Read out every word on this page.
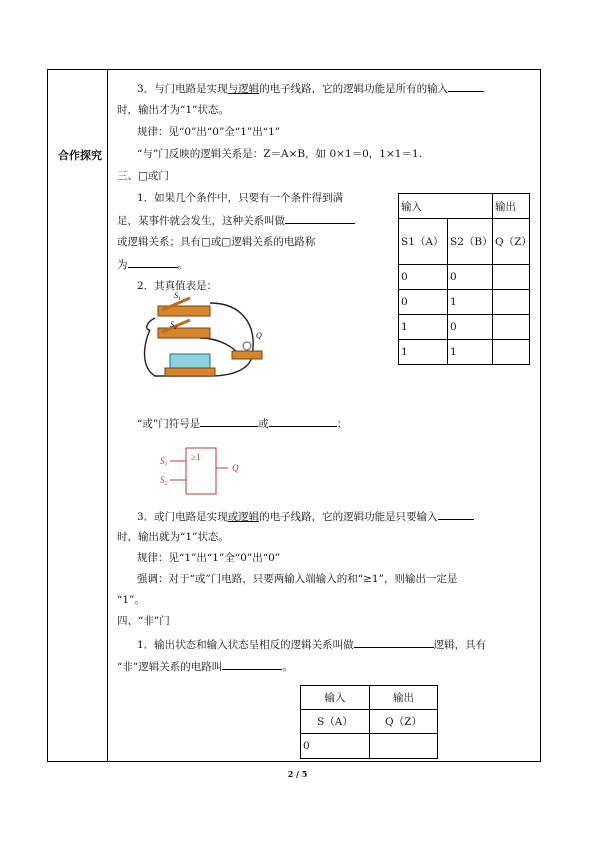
合作探究
3．与门电路是实现与逻辑的电子线路，它的逻辑功能是所有的输入
时，输出才为“1”状态。
规律：见“0”出“0”全“1”出“1”
“与”门反映的逻辑关系是：Z＝A×B，如 0×1＝0，1×1＝1.
三、□或门
1．如果几个条件中，只要有一个条件得到满
足，某事件就会发生，这种关系叫做
或逻辑关系；具有□或□逻辑关系的电路称
为	。
2．其真值表是：
输入		输出
S1（A）	S2（B）	Q（Z）
0	0	
0	1	
1	0	
1	1	
$S_1$
$S_2$
Q
“或”门符号是	或	；
≥1
$S_1$
$S_2$
Q
3．或门电路是实现或逻辑的电子线路，它的逻辑功能是只要输入
时，输出就为“1”状态。
规律：见“1”出“1”全“0”出“0”
强调：对于“或”门电路，只要两输入端输入的和“≥1”，则输出一定是
“1”。
四、“非”门
1．输出状态和输入状态呈相反的逻辑关系叫做	逻辑，具有
“非”逻辑关系的电路叫	。
输入	输出
S（A）	Q（Z）
0	
2 / 5
